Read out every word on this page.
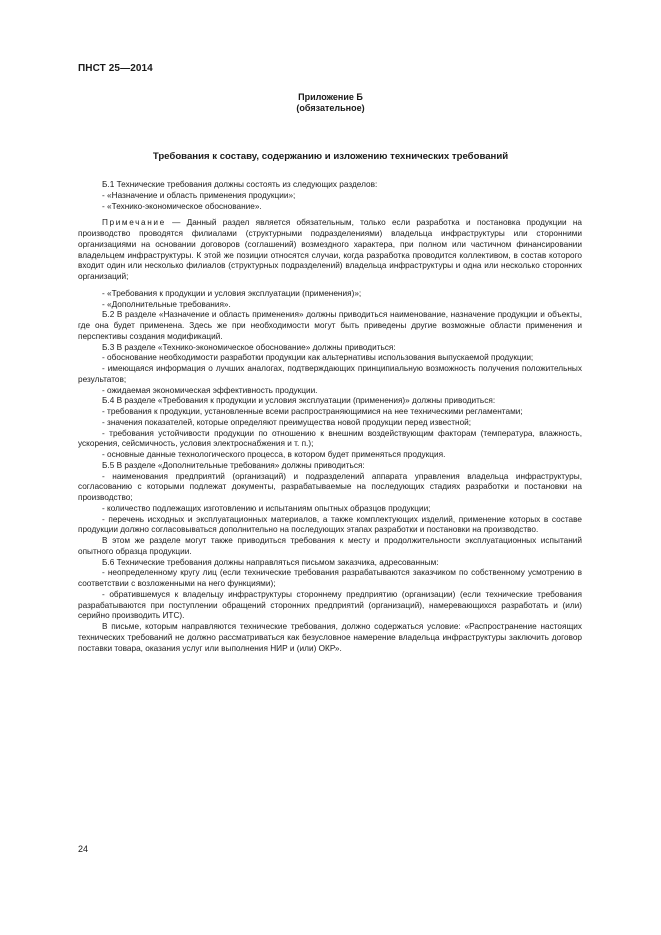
ПНСТ 25—2014
Приложение Б
(обязательное)
Требования к составу, содержанию и изложению технических требований

Б.1 Технические требования должны состоять из следующих разделов:

- «Назначение и область применения продукции»;

- «Технико-экономическое обоснование».

Примечание — Данный раздел является обязательным, только если разработка и постановка продукции на производство проводятся филиалами (структурными подразделениями) владельца инфраструктуры или сторонними организациями на основании договоров (соглашений) возмездного характера, при полном или частичном финансировании владельцем инфраструктуры. К этой же позиции относятся случаи, когда разработка проводится коллективом, в состав которого входит один или несколько филиалов (структурных подразделений) владельца инфраструктуры и одна или несколько сторонних организаций;

- «Требования к продукции и условия эксплуатации (применения)»;

- «Дополнительные требования».

Б.2 В разделе «Назначение и область применения» должны приводиться наименование, назначение продукции и объекты, где она будет применена. Здесь же при необходимости могут быть приведены другие возможные области применения и перспективы создания модификаций.

Б.3 В разделе «Технико-экономическое обоснование» должны приводиться:

- обоснование необходимости разработки продукции как альтернативы использования выпускаемой продукции;

- имеющаяся информация о лучших аналогах, подтверждающих принципиальную возможность получения положительных результатов;

- ожидаемая экономическая эффективность продукции.

Б.4 В разделе «Требования к продукции и условия эксплуатации (применения)» должны приводиться:

- требования к продукции, установленные всеми распространяющимися на нее техническими регламентами;

- значения показателей, которые определяют преимущества новой продукции перед известной;

- требования устойчивости продукции по отношению к внешним воздействующим факторам (температура, влажность, ускорения, сейсмичность, условия электроснабжения и т. п.);

- основные данные технологического процесса, в котором будет применяться продукция.

Б.5 В разделе «Дополнительные требования» должны приводиться:

- наименования предприятий (организаций) и подразделений аппарата управления владельца инфраструктуры, согласованию с которыми подлежат документы, разрабатываемые на последующих стадиях разработки и постановки на производство;

- количество подлежащих изготовлению и испытаниям опытных образцов продукции;

- перечень исходных и эксплуатационных материалов, а также комплектующих изделий, применение которых в составе продукции должно согласовываться дополнительно на последующих этапах разработки и постановки на производство.

В этом же разделе могут также приводиться требования к месту и продолжительности эксплуатационных испытаний опытного образца продукции.

Б.6 Технические требования должны направляться письмом заказчика, адресованным:

- неопределенному кругу лиц (если технические требования разрабатываются заказчиком по собственному усмотрению в соответствии с возложенными на него функциями);

- обратившемуся к владельцу инфраструктуры стороннему предприятию (организации) (если технические требования разрабатываются при поступлении обращений сторонних предприятий (организаций), намеревающихся разработать и (или) серийно производить ИТС).

В письме, которым направляются технические требования, должно содержаться условие: «Распространение настоящих технических требований не должно рассматриваться как безусловное намерение владельца инфраструктуры заключить договор поставки товара, оказания услуг или выполнения НИР и (или) ОКР».

24
